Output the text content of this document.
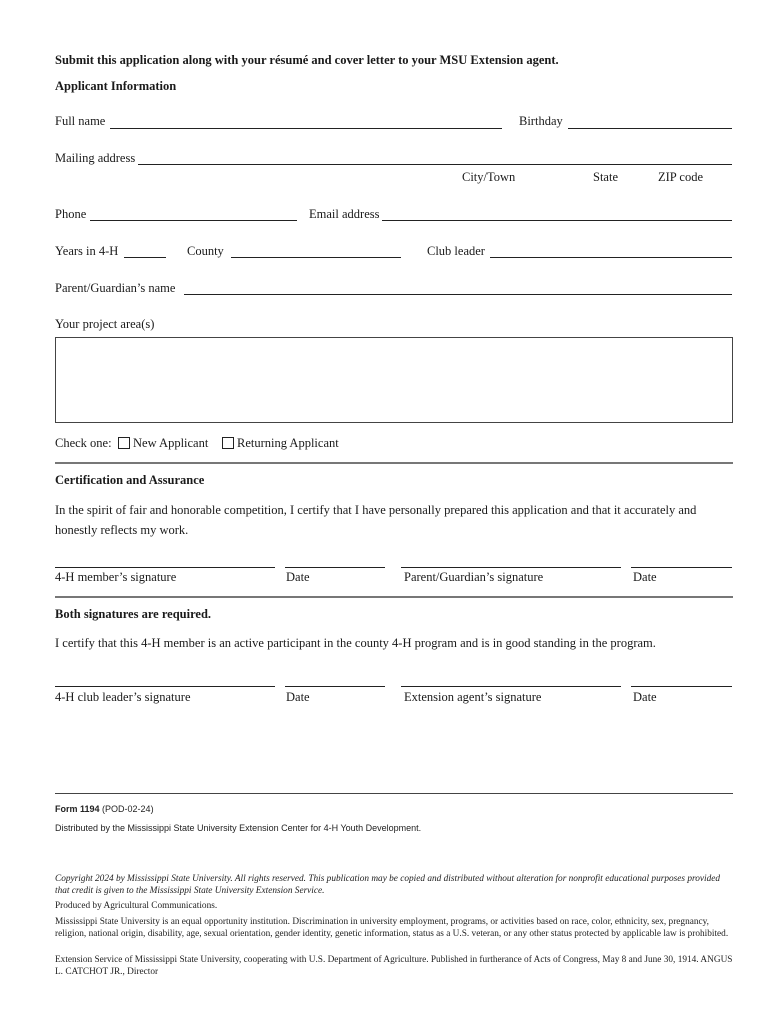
Submit this application along with your résumé and cover letter to your MSU Extension agent.
Applicant Information
Full name	Birthday
Mailing address
City/Town	State	ZIP code
Phone	Email address
Years in 4-H	County	Club leader
Parent/Guardian’s name
Your project area(s)
Check one: New Applicant Returning Applicant
Certification and Assurance
In the spirit of fair and honorable competition, I certify that I have personally prepared this application and that it accurately and honestly reflects my work.
4-H member’s signature	Date	Parent/Guardian’s signature	Date
Both signatures are required.
I certify that this 4-H member is an active participant in the county 4-H program and is in good standing in the program.
4-H club leader’s signature	Date	Extension agent’s signature	Date
Form 1194 (POD-02-24)
Distributed by the Mississippi State University Extension Center for 4-H Youth Development.
Copyright 2024 by Mississippi State University. All rights reserved. This publication may be copied and distributed without alteration for nonprofit educational purposes provided that credit is given to the Mississippi State University Extension Service.
Produced by Agricultural Communications.
Mississippi State University is an equal opportunity institution. Discrimination in university employment, programs, or activities based on race, color, ethnicity, sex, pregnancy, religion, national origin, disability, age, sexual orientation, gender identity, genetic information, status as a U.S. veteran, or any other status protected by applicable law is prohibited.
Extension Service of Mississippi State University, cooperating with U.S. Department of Agriculture. Published in furtherance of Acts of Congress, May 8 and June 30, 1914. ANGUS L. CATCHOT JR., Director
